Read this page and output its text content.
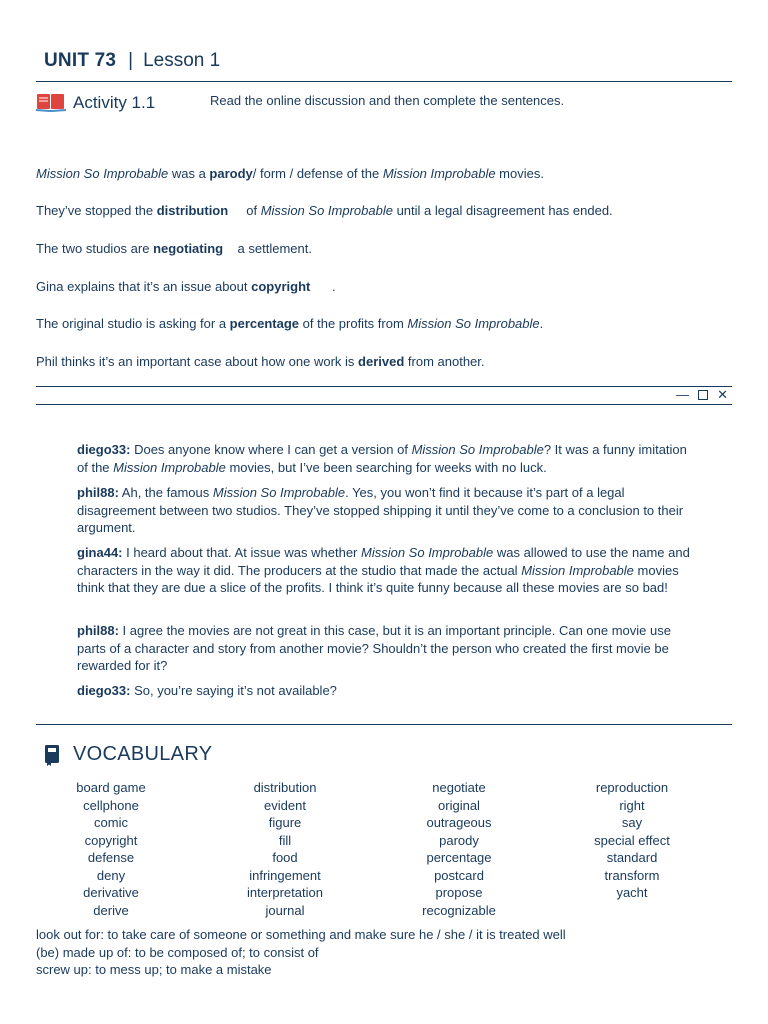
UNIT 73 | Lesson 1
Activity 1.1	Read the online discussion and then complete the sentences.
Mission So Improbable was a parody/ form / defense of the Mission Improbable movies.
They’ve stopped the distribution     of Mission So Improbable until a legal disagreement has ended.
The two studios are negotiating    a settlement.
Gina explains that it’s an issue about copyright      .
The original studio is asking for a percentage of the profits from Mission So Improbable.
Phil thinks it’s an important case about how one work is derived from another.
— ✕
diego33: Does anyone know where I can get a version of Mission So Improbable? It was a funny imitation of the Mission Improbable movies, but I’ve been searching for weeks with no luck.
phil88: Ah, the famous Mission So Improbable. Yes, you won’t find it because it’s part of a legal disagreement between two studios. They’ve stopped shipping it until they’ve come to a conclusion to their argument.
gina44: I heard about that. At issue was whether Mission So Improbable was allowed to use the name and characters in the way it did. The producers at the studio that made the actual Mission Improbable movies think that they are due a slice of the profits. I think it’s quite funny because all these movies are so bad!
phil88: I agree the movies are not great in this case, but it is an important principle. Can one movie use parts of a character and story from another movie? Shouldn’t the person who created the first movie be rewarded for it?
diego33: So, you’re saying it’s not available?
VOCABULARY
board game
cellphone
comic
copyright
defense
deny
derivative
derive
distribution
evident
figure
fill
food
infringement
interpretation
journal
negotiate
original
outrageous
parody
percentage
postcard
propose
recognizable
reproduction
right
say
special effect
standard
transform
yacht
look out for: to take care of someone or something and make sure he / she / it is treated well
(be) made up of: to be composed of; to consist of
screw up: to mess up; to make a mistake
